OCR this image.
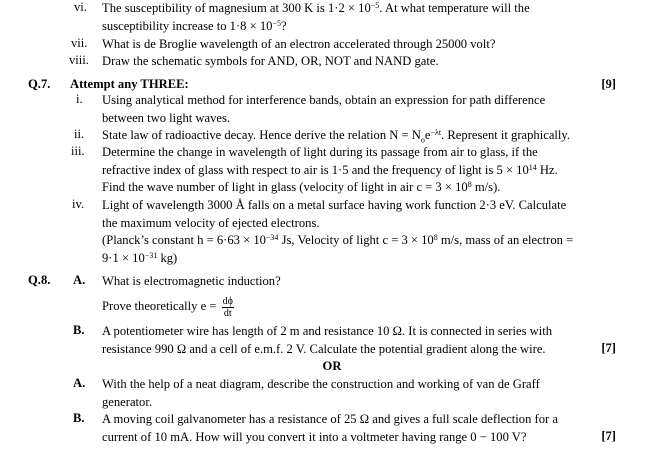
vi. The susceptibility of magnesium at 300 K is $1\cdot 2 \times 10^{-5}$. At what temperature will the
susceptibility increase to $1\cdot 8 \times 10^{-5}$?
vii. What is de Broglie wavelength of an electron accelerated through 25000 volt?
viii. Draw the schematic symbols for AND, OR, NOT and NAND gate.
Q.7. Attempt any THREE:	[9]
i. Using analytical method for interference bands, obtain an expression for path difference
between two light waves.
ii. State law of radioactive decay. Hence derive the relation $N = N_oe^{-\lambda t}$. Represent it graphically.
iii. Determine the change in wavelength of light during its passage from air to glass, if the
refractive index of glass with respect to air is 1·5 and the frequency of light is $5 \times 10^{14}$ Hz.
Find the wave number of light in glass (velocity of light in air $c = 3 \times 10^8$ m/s).
iv. Light of wavelength 3000 Å falls on a metal surface having work function 2·3 eV. Calculate
the maximum velocity of ejected electrons.
(Planck’s constant $h = 6\cdot 63 \times 10^{-34}$ Js, Velocity of light $c = 3 \times 10^8$ m/s, mass of an electron =
$9\cdot 1 \times 10^{-31}$ kg)
Q.8. A. What is electromagnetic induction?
Prove theoretically $e = \frac{d\phi}{dt}$
B. A potentiometer wire has length of 2 m and resistance 10 Ω. It is connected in series with
resistance 990 Ω and a cell of e.m.f. 2 V. Calculate the potential gradient along the wire.	[7]
OR
A. With the help of a neat diagram, describe the construction and working of van de Graff
generator.
B. A moving coil galvanometer has a resistance of 25 Ω and gives a full scale deflection for a
current of 10 mA. How will you convert it into a voltmeter having range 0 − 100 V?	[7]
